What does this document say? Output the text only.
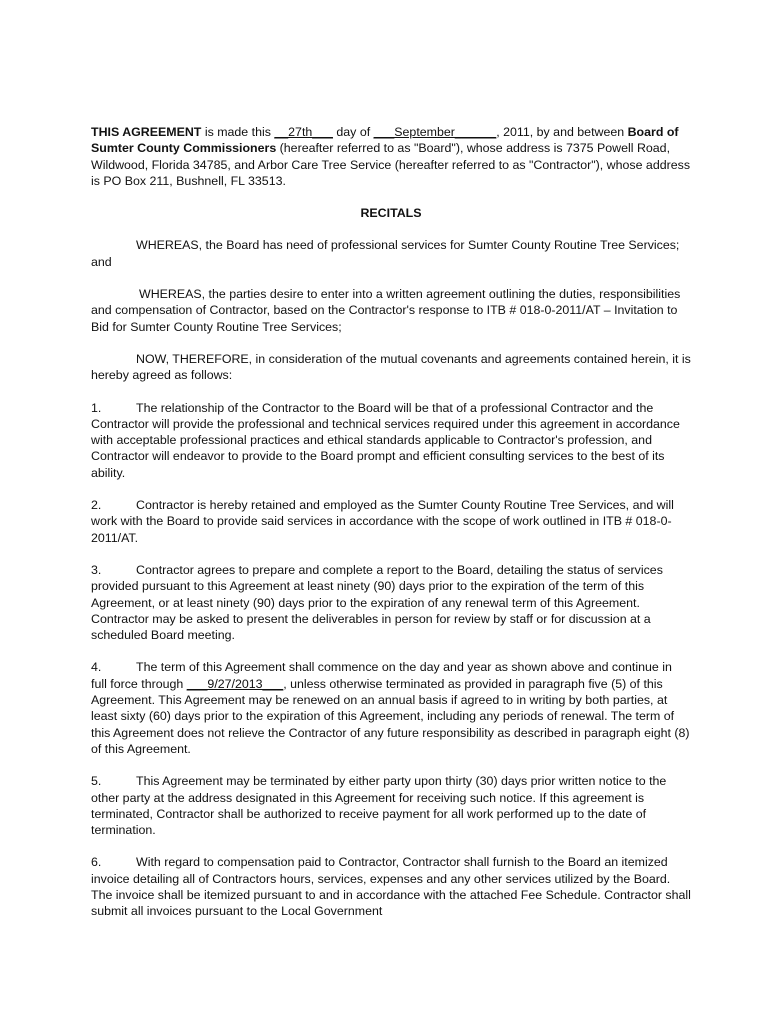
THIS AGREEMENT is made this __27th___ day of ___September______, 2011, by and between Board of Sumter County Commissioners (hereafter referred to as "Board"), whose address is 7375 Powell Road, Wildwood, Florida 34785, and Arbor Care Tree Service (hereafter referred to as "Contractor"), whose address is PO Box 211, Bushnell, FL 33513.

RECITALS

WHEREAS, the Board has need of professional services for Sumter County Routine Tree Services; and

WHEREAS, the parties desire to enter into a written agreement outlining the duties, responsibilities and compensation of Contractor, based on the Contractor's response to ITB # 018-0-2011/AT – Invitation to Bid for Sumter County Routine Tree Services;

NOW, THEREFORE, in consideration of the mutual covenants and agreements contained herein, it is hereby agreed as follows:

1.	The relationship of the Contractor to the Board will be that of a professional Contractor and the Contractor will provide the professional and technical services required under this agreement in accordance with acceptable professional practices and ethical standards applicable to Contractor's profession, and Contractor will endeavor to provide to the Board prompt and efficient consulting services to the best of its ability.

2.	Contractor is hereby retained and employed as the Sumter County Routine Tree Services, and will work with the Board to provide said services in accordance with the scope of work outlined in ITB # 018-0-2011/AT.

3.	Contractor agrees to prepare and complete a report to the Board, detailing the status of services provided pursuant to this Agreement at least ninety (90) days prior to the expiration of the term of this Agreement, or at least ninety (90) days prior to the expiration of any renewal term of this Agreement. Contractor may be asked to present the deliverables in person for review by staff or for discussion at a scheduled Board meeting.

4.	The term of this Agreement shall commence on the day and year as shown above and continue in full force through ___9/27/2013___, unless otherwise terminated as provided in paragraph five (5) of this Agreement. This Agreement may be renewed on an annual basis if agreed to in writing by both parties, at least sixty (60) days prior to the expiration of this Agreement, including any periods of renewal. The term of this Agreement does not relieve the Contractor of any future responsibility as described in paragraph eight (8) of this Agreement.

5.	This Agreement may be terminated by either party upon thirty (30) days prior written notice to the other party at the address designated in this Agreement for receiving such notice. If this agreement is terminated, Contractor shall be authorized to receive payment for all work performed up to the date of termination.

6.	With regard to compensation paid to Contractor, Contractor shall furnish to the Board an itemized invoice detailing all of Contractors hours, services, expenses and any other services utilized by the Board. The invoice shall be itemized pursuant to and in accordance with the attached Fee Schedule. Contractor shall submit all invoices pursuant to the Local Government
